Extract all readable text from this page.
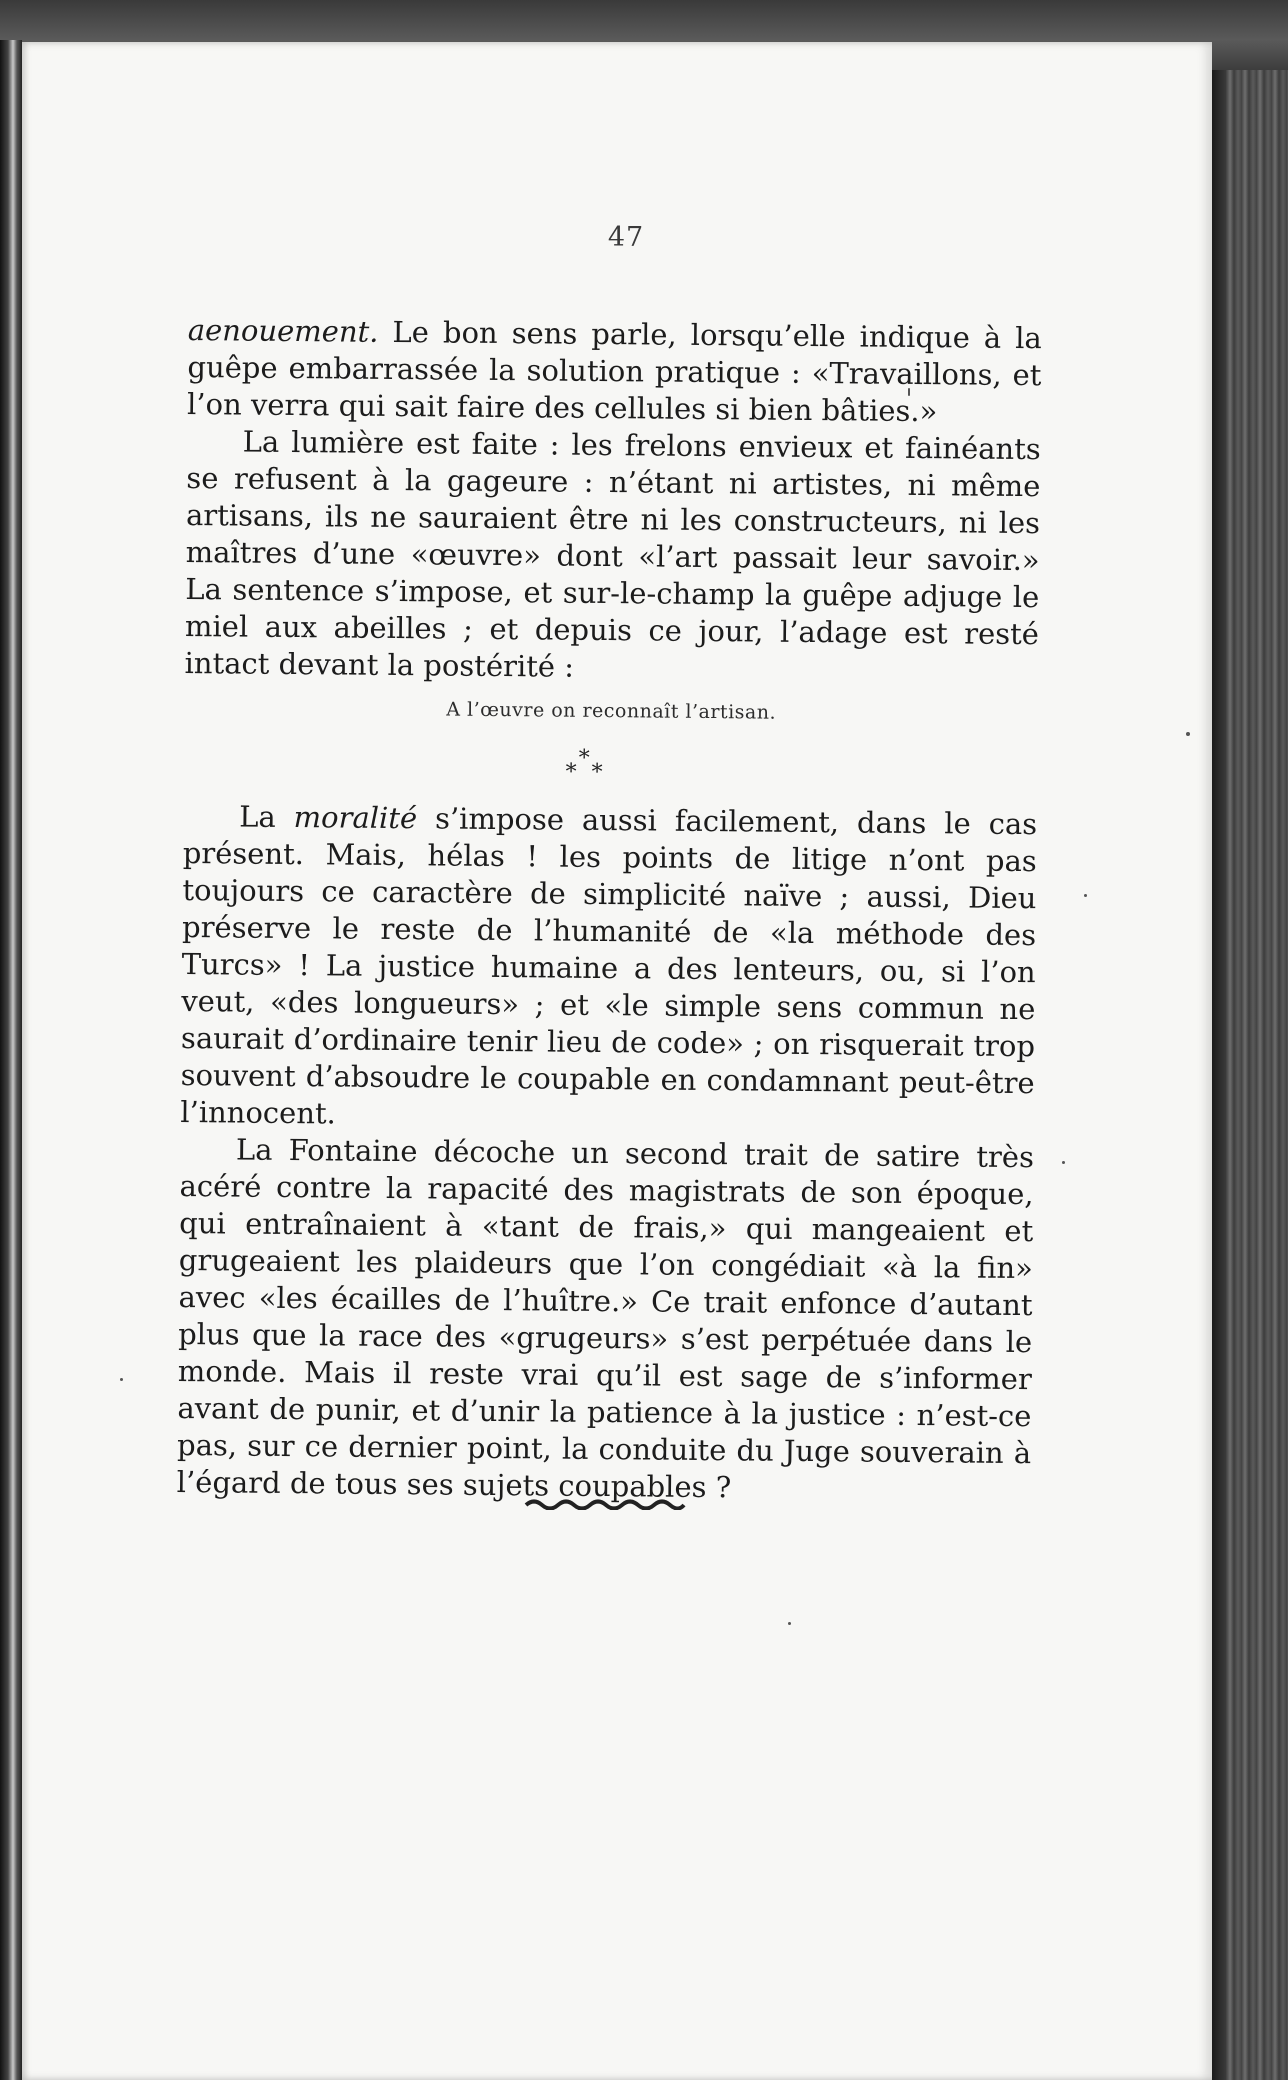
47

aenouement. Le bon sens parle, lorsqu’elle indique à la guêpe embarrassée la solution pratique : «Travaillons, et l’on verra qui sait faire des cellules si bien bâties.»

La lumière est faite : les frelons envieux et fainéants se refusent à la gageure : n’étant ni artistes, ni même artisans, ils ne sauraient être ni les constructeurs, ni les maîtres d’une «œuvre» dont «l’art passait leur savoir.» La sentence s’impose, et sur-le-champ la guêpe adjuge le miel aux abeilles ; et depuis ce jour, l’adage est resté intact devant la postérité :

A l’œuvre on reconnaît l’artisan.

*
* *

La moralité s’impose aussi facilement, dans le cas présent. Mais, hélas ! les points de litige n’ont pas toujours ce caractère de simplicité naïve ; aussi, Dieu préserve le reste de l’humanité de «la méthode des Turcs» ! La justice humaine a des lenteurs, ou, si l’on veut, «des longueurs» ; et «le simple sens commun ne saurait d’ordinaire tenir lieu de code» ; on risquerait trop souvent d’absoudre le coupable en condamnant peut-être l’innocent.

La Fontaine décoche un second trait de satire très acéré contre la rapacité des magistrats de son époque, qui entraînaient à «tant de frais,» qui mangeaient et grugeaient les plaideurs que l’on congédiait «à la fin» avec «les écailles de l’huître.» Ce trait enfonce d’autant plus que la race des «grugeurs» s’est perpétuée dans le monde. Mais il reste vrai qu’il est sage de s’informer avant de punir, et d’unir la patience à la justice : n’est-ce pas, sur ce dernier point, la conduite du Juge souverain à l’égard de tous ses sujets coupables ?
